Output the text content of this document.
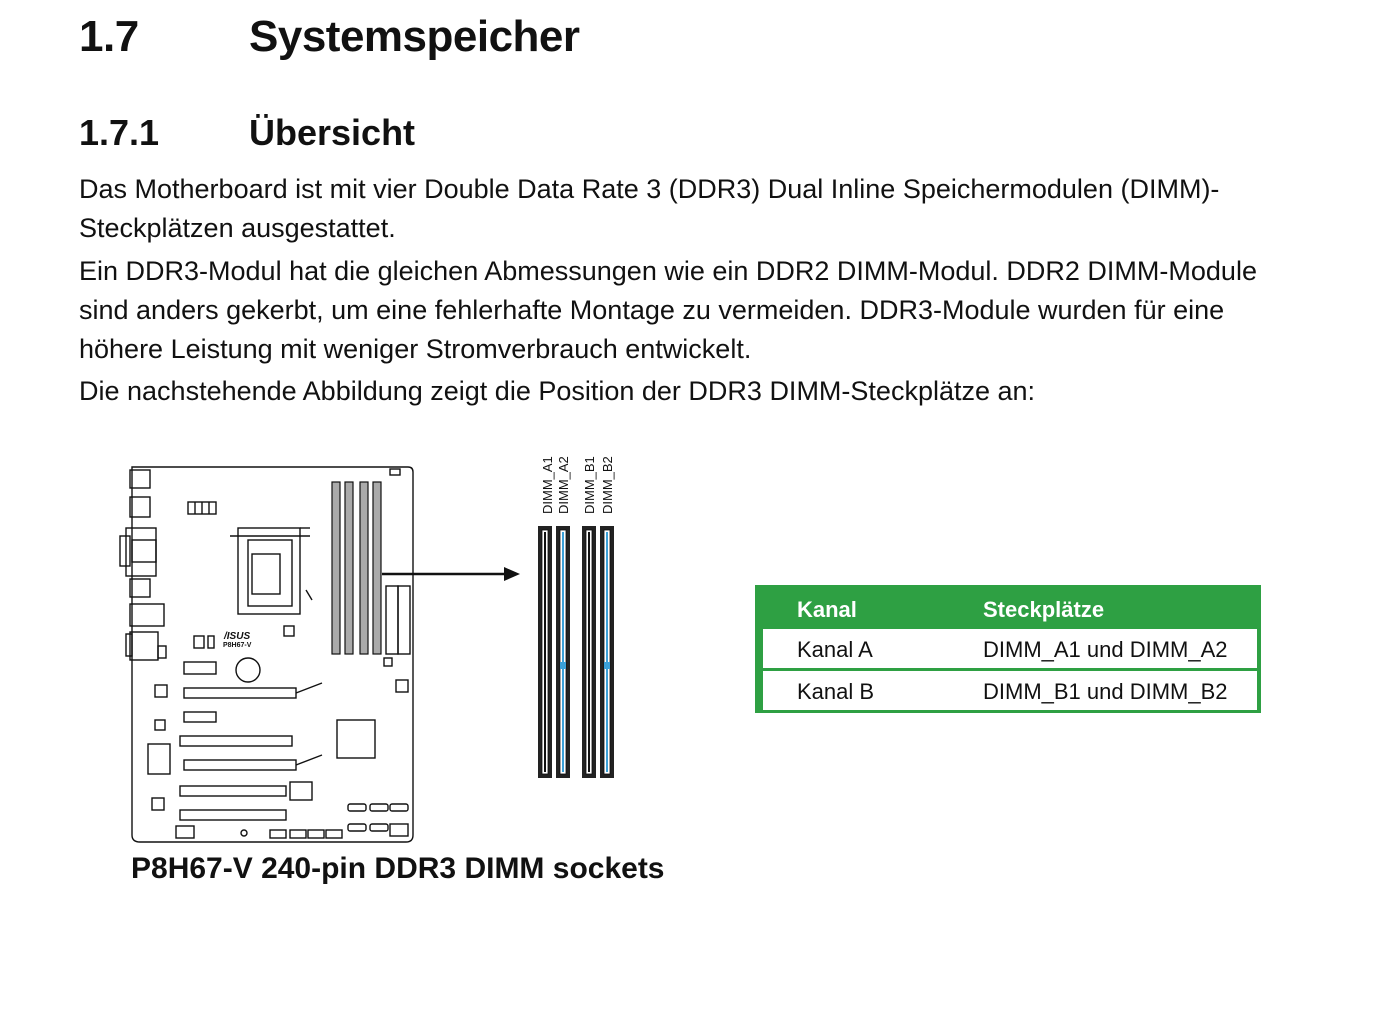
1.7	Systemspeicher
1.7.1 Übersicht

Das Motherboard ist mit vier Double Data Rate 3 (DDR3) Dual Inline Speichermodulen (DIMM)-Steckplätzen ausgestattet.

Ein DDR3-Modul hat die gleichen Abmessungen wie ein DDR2 DIMM-Modul. DDR2 DIMM-Module sind anders gekerbt, um eine fehlerhafte Montage zu vermeiden. DDR3-Module wurden für eine höhere Leistung mit weniger Stromverbrauch entwickelt.

Die nachstehende Abbildung zeigt die Position der DDR3 DIMM-Steckplätze an:

/ISUS
P8H67-V
DIMM_A1 DIMM_A2 DIMM_B1 DIMM_B2
P8H67-V 240-pin DDR3 DIMM sockets
Kanal	Steckplätze
Kanal A	DIMM_A1 und DIMM_A2
Kanal B	DIMM_B1 und DIMM_B2
